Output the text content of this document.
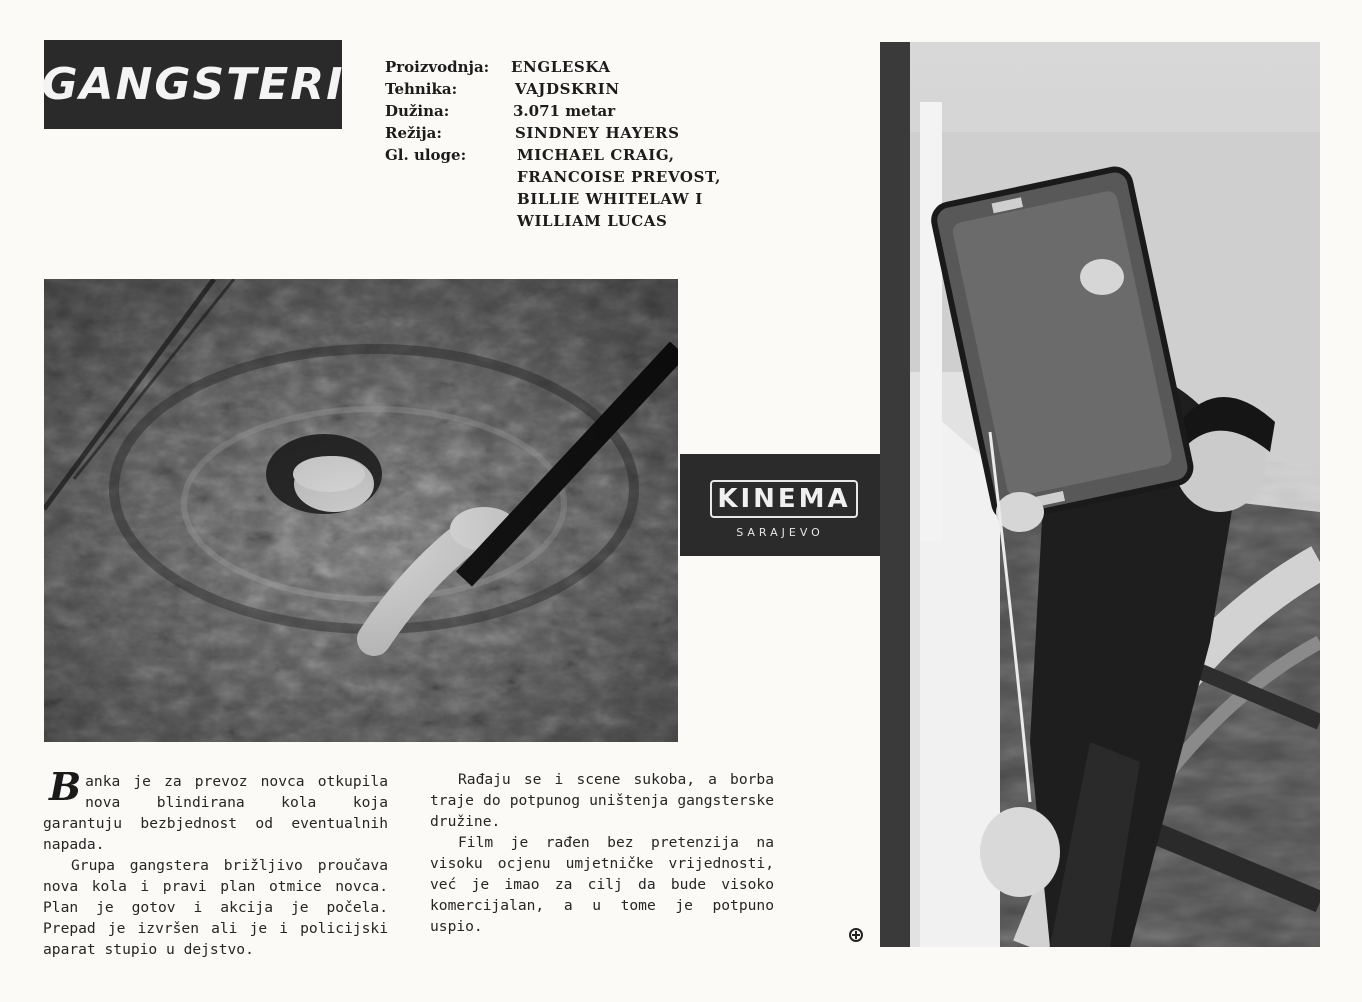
GANGSTERI	Proizvodnja:	ENGLESKA
Tehnika:	VAJDSKRIN
Dužina:	3.071 metar
Režija:	SINDNEY HAYERS
Gl. uloge:	MICHAEL CRAIG,
FRANCOISE PREVOST,
BILLIE WHITELAW I
WILLIAM LUCAS
KINEMA
SARAJEVO

Banka je za prevoz novca otkupila nova blindirana kola koja garantuju bezbjednost od eventualnih napada.

Grupa gangstera brižljivo proučava nova kola i pravi plan otmice novca. Plan je gotov i akcija je počela. Prepad je izvršen ali je i policijski aparat stupio u dejstvo.

Rađaju se i scene sukoba, a borba traje do potpunog uništenja gangsterske družine.

Film je rađen bez pretenzija na visoku ocjenu umjetničke vrijednosti, već je imao za cilj da bude visoko komercijalan, a u tome je potpuno uspio.
